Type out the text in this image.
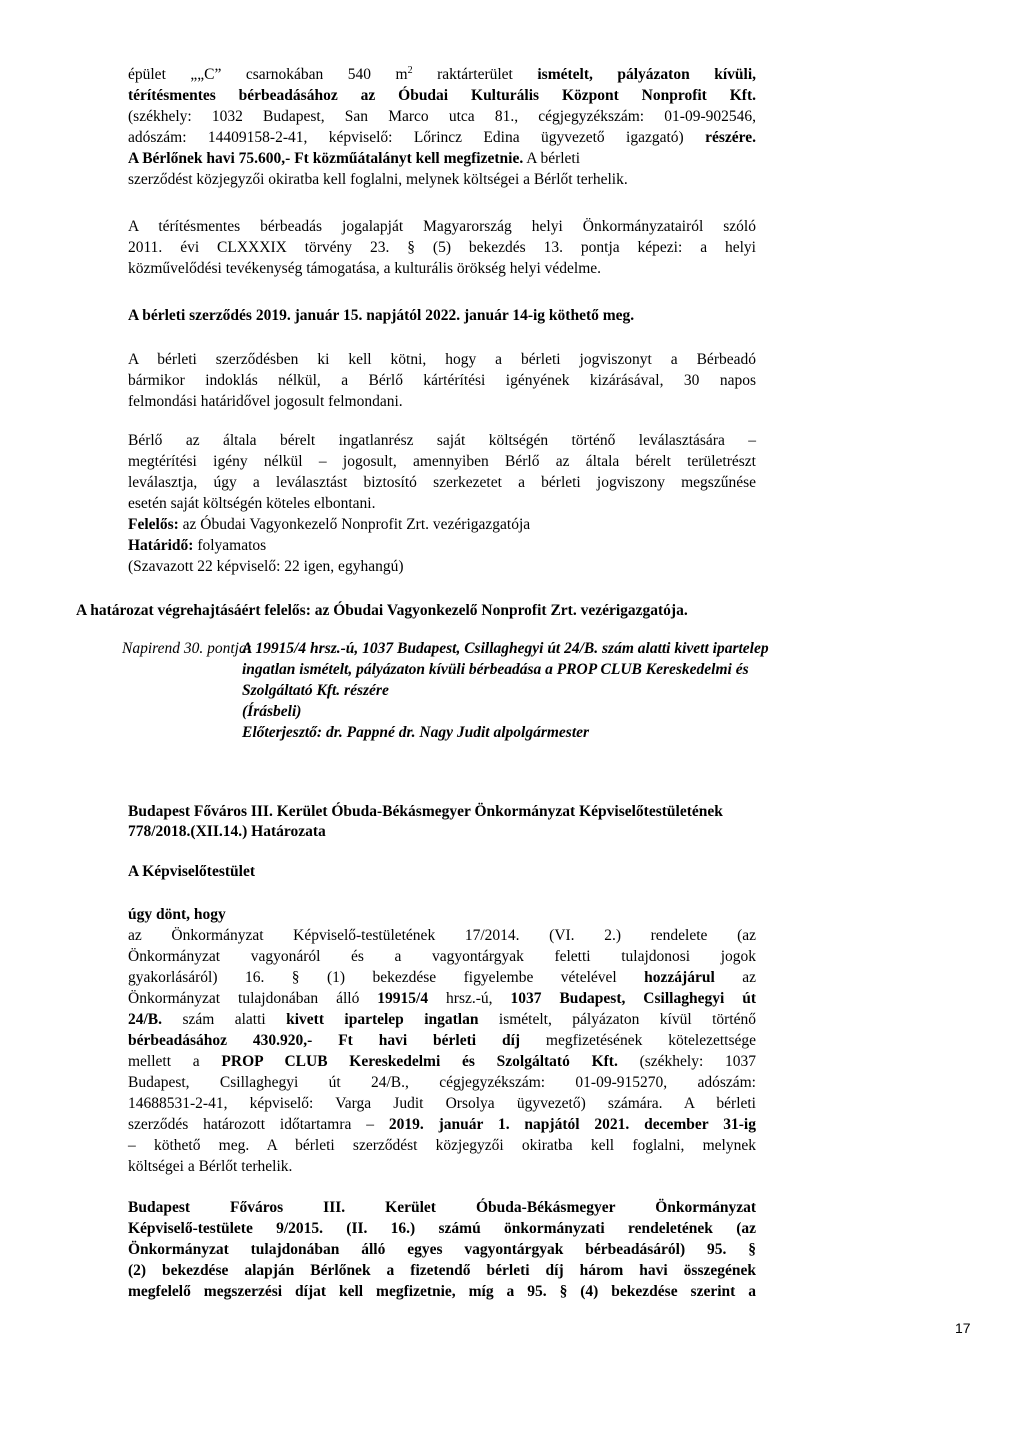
épület „„C” csarnokában 540 $m^2$ raktárterület ismételt, pályázaton kívüli,
térítésmentes bérbeadásához az Óbudai Kulturális Központ Nonprofit Kft.
(székhely: 1032 Budapest, San Marco utca 81., cégjegyzékszám: 01-09-902546,
adószám: 14409158-2-41, képviselő: Lőrincz Edina ügyvezető igazgató) részére.
A Bérlőnek havi 75.600,- Ft közműátalányt kell megfizetnie. A bérleti
szerződést közjegyzői okiratba kell foglalni, melynek költségei a Bérlőt terhelik.
A térítésmentes bérbeadás jogalapját Magyarország helyi Önkormányzatairól szóló
2011. évi CLXXXIX törvény 23. § (5) bekezdés 13. pontja képezi: a helyi
közművelődési tevékenység támogatása, a kulturális örökség helyi védelme.
A bérleti szerződés 2019. január 15. napjától 2022. január 14-ig köthető meg.
A bérleti szerződésben ki kell kötni, hogy a bérleti jogviszonyt a Bérbeadó
bármikor indoklás nélkül, a Bérlő kártérítési igényének kizárásával, 30 napos
felmondási határidővel jogosult felmondani.
Bérlő az általa bérelt ingatlanrész saját költségén történő leválasztására –
megtérítési igény nélkül – jogosult, amennyiben Bérlő az általa bérelt területrészt
leválasztja, úgy a leválasztást biztosító szerkezetet a bérleti jogviszony megszűnése
esetén saját költségén köteles elbontani.
Felelős: az Óbudai Vagyonkezelő Nonprofit Zrt. vezérigazgatója
Határidő: folyamatos
(Szavazott 22 képviselő: 22 igen, egyhangú)
A határozat végrehajtásáért felelős: az Óbudai Vagyonkezelő Nonprofit Zrt. vezérigazgatója.
Napirend 30. pontja:
A 19915/4 hrsz.-ú, 1037 Budapest, Csillaghegyi út 24/B. szám alatti kivett ipartelep
ingatlan ismételt, pályázaton kívüli bérbeadása a PROP CLUB Kereskedelmi és
Szolgáltató Kft. részére
(Írásbeli)
Előterjesztő: dr. Pappné dr. Nagy Judit alpolgármester
Budapest Főváros III. Kerület Óbuda-Békásmegyer Önkormányzat Képviselőtestületének
778/2018.(XII.14.) Határozata
A Képviselőtestület
úgy dönt, hogy
az Önkormányzat Képviselő-testületének 17/2014. (VI. 2.) rendelete (az
Önkormányzat vagyonáról és a vagyontárgyak feletti tulajdonosi jogok
gyakorlásáról) 16. § (1) bekezdése figyelembe vételével hozzájárul az
Önkormányzat tulajdonában álló 19915/4 hrsz.-ú, 1037 Budapest, Csillaghegyi út
24/B. szám alatti kivett ipartelep ingatlan ismételt, pályázaton kívül történő
bérbeadásához 430.920,- Ft havi bérleti díj megfizetésének kötelezettsége
mellett a PROP CLUB Kereskedelmi és Szolgáltató Kft. (székhely: 1037
Budapest, Csillaghegyi út 24/B., cégjegyzékszám: 01-09-915270, adószám:
14688531-2-41, képviselő: Varga Judit Orsolya ügyvezető) számára. A bérleti
szerződés határozott időtartamra – 2019. január 1. napjától 2021. december 31-ig
– köthető meg. A bérleti szerződést közjegyzői okiratba kell foglalni, melynek
költségei a Bérlőt terhelik.
Budapest Főváros III. Kerület Óbuda-Békásmegyer Önkormányzat
Képviselő-testülete 9/2015. (II. 16.) számú önkormányzati rendeletének (az
Önkormányzat tulajdonában álló egyes vagyontárgyak bérbeadásáról) 95. §
(2) bekezdése alapján Bérlőnek a fizetendő bérleti díj három havi összegének
megfelelő megszerzési díjat kell megfizetnie, míg a 95. § (4) bekezdése szerint a
17
